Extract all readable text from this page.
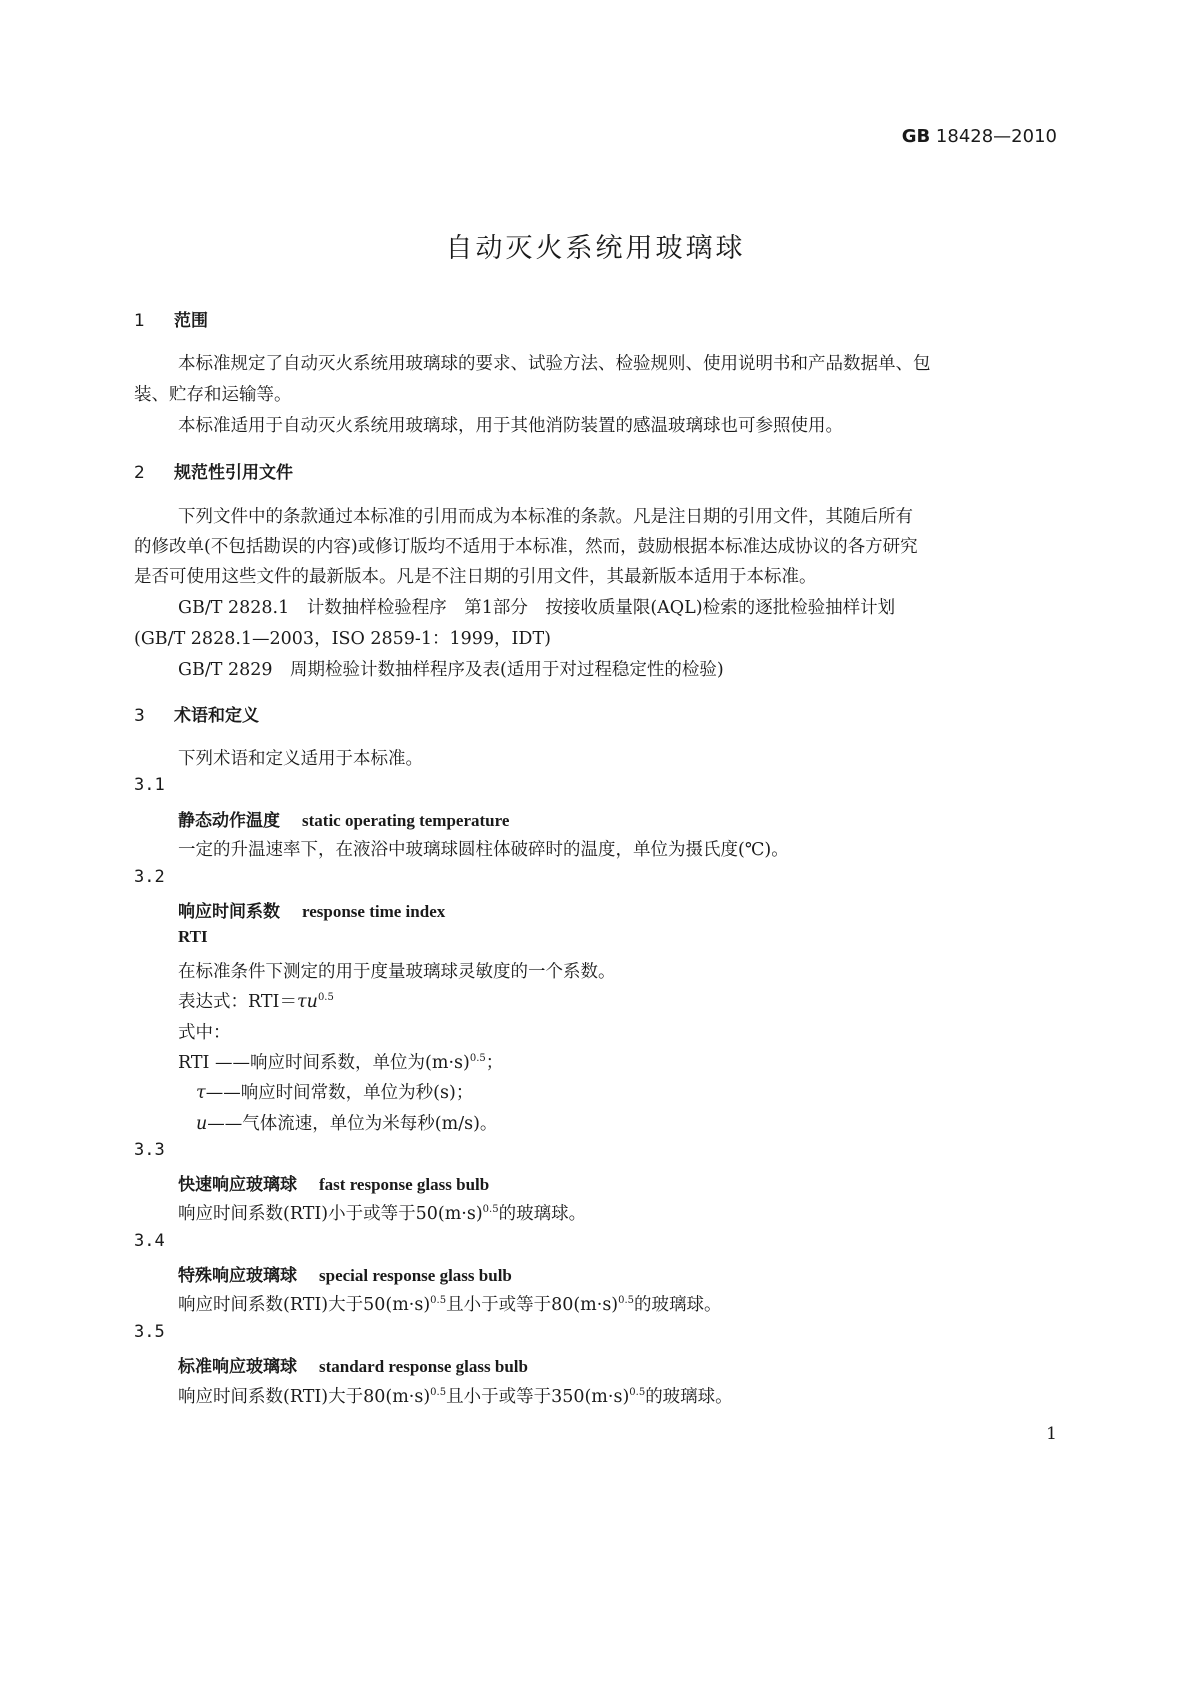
GB 18428—2010
自动灭火系统用玻璃球
1 范围
本标准规定了自动灭火系统用玻璃球的要求、试验方法、检验规则、使用说明书和产品数据单、包
装、贮存和运输等。
本标准适用于自动灭火系统用玻璃球，用于其他消防装置的感温玻璃球也可参照使用。
2 规范性引用文件
下列文件中的条款通过本标准的引用而成为本标准的条款。凡是注日期的引用文件，其随后所有
的修改单(不包括勘误的内容)或修订版均不适用于本标准，然而，鼓励根据本标准达成协议的各方研究
是否可使用这些文件的最新版本。凡是不注日期的引用文件，其最新版本适用于本标准。
GB/T 2828.1　计数抽样检验程序　第1部分　按接收质量限(AQL)检索的逐批检验抽样计划
(GB/T 2828.1—2003，ISO 2859-1：1999，IDT)
GB/T 2829　周期检验计数抽样程序及表(适用于对过程稳定性的检验)
3 术语和定义
下列术语和定义适用于本标准。
3.1
静态动作温度 static operating temperature
一定的升温速率下，在液浴中玻璃球圆柱体破碎时的温度，单位为摄氏度(℃)。
3.2
响应时间系数 response time index
RTI
在标准条件下测定的用于度量玻璃球灵敏度的一个系数。
表达式：$RTI=\tau u^{0.5}$
式中：
RTI ——响应时间系数，单位为$(m\cdot s)^{0.5}$；
τ——响应时间常数，单位为秒(s)；
u——气体流速，单位为米每秒(m/s)。
3.3
快速响应玻璃球 fast response glass bulb
响应时间系数(RTI)小于或等于$50(m\cdot s)^{0.5}$的玻璃球。
3.4
特殊响应玻璃球 special response glass bulb
响应时间系数(RTI)大于$50(m\cdot s)^{0.5}$且小于或等于$80(m\cdot s)^{0.5}$的玻璃球。
3.5
标准响应玻璃球 standard response glass bulb
响应时间系数(RTI)大于$80(m\cdot s)^{0.5}$且小于或等于$350(m\cdot s)^{0.5}$的玻璃球。
1
